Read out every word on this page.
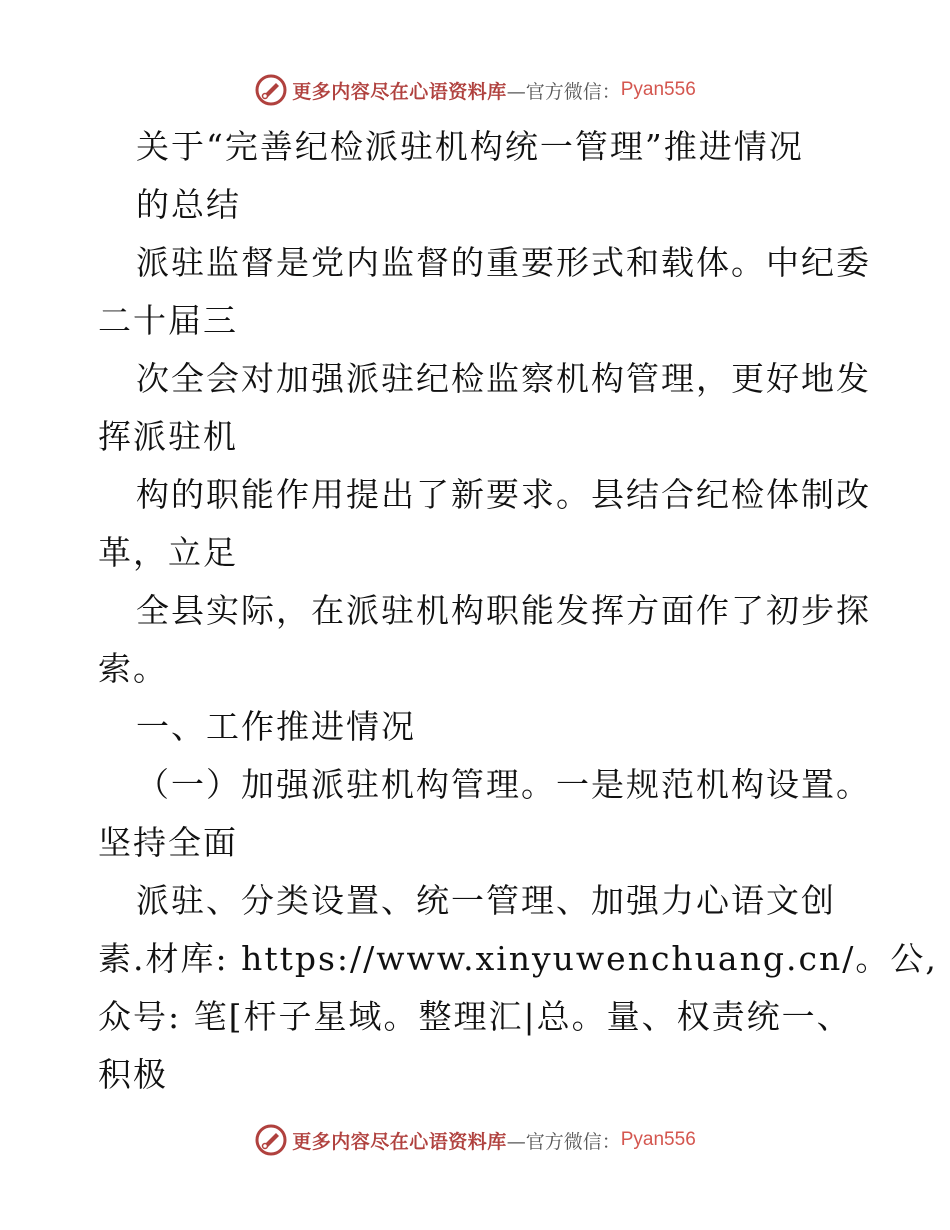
更多内容尽在心语资料库 —官方微信： Pyan556
关于“完善纪检派驻机构统一管理”推进情况
的总结
派驻监督是党内监督的重要形式和载体。中纪委
二十届三
次全会对加强派驻纪检监察机构管理，更好地发
挥派驻机
构的职能作用提出了新要求。县结合纪检体制改
革，立足
全县实际，在派驻机构职能发挥方面作了初步探
索。
一、工作推进情况
（一）加强派驻机构管理。一是规范机构设置。
坚持全面
派驻、分类设置、统一管理、加强力心语文创
素.材库: https://www.xinyuwenchuang.cn/。公,
众号: 笔[杆子星域。整理汇|总。量、权责统一、
积极
更多内容尽在心语资料库 —官方微信： Pyan556
